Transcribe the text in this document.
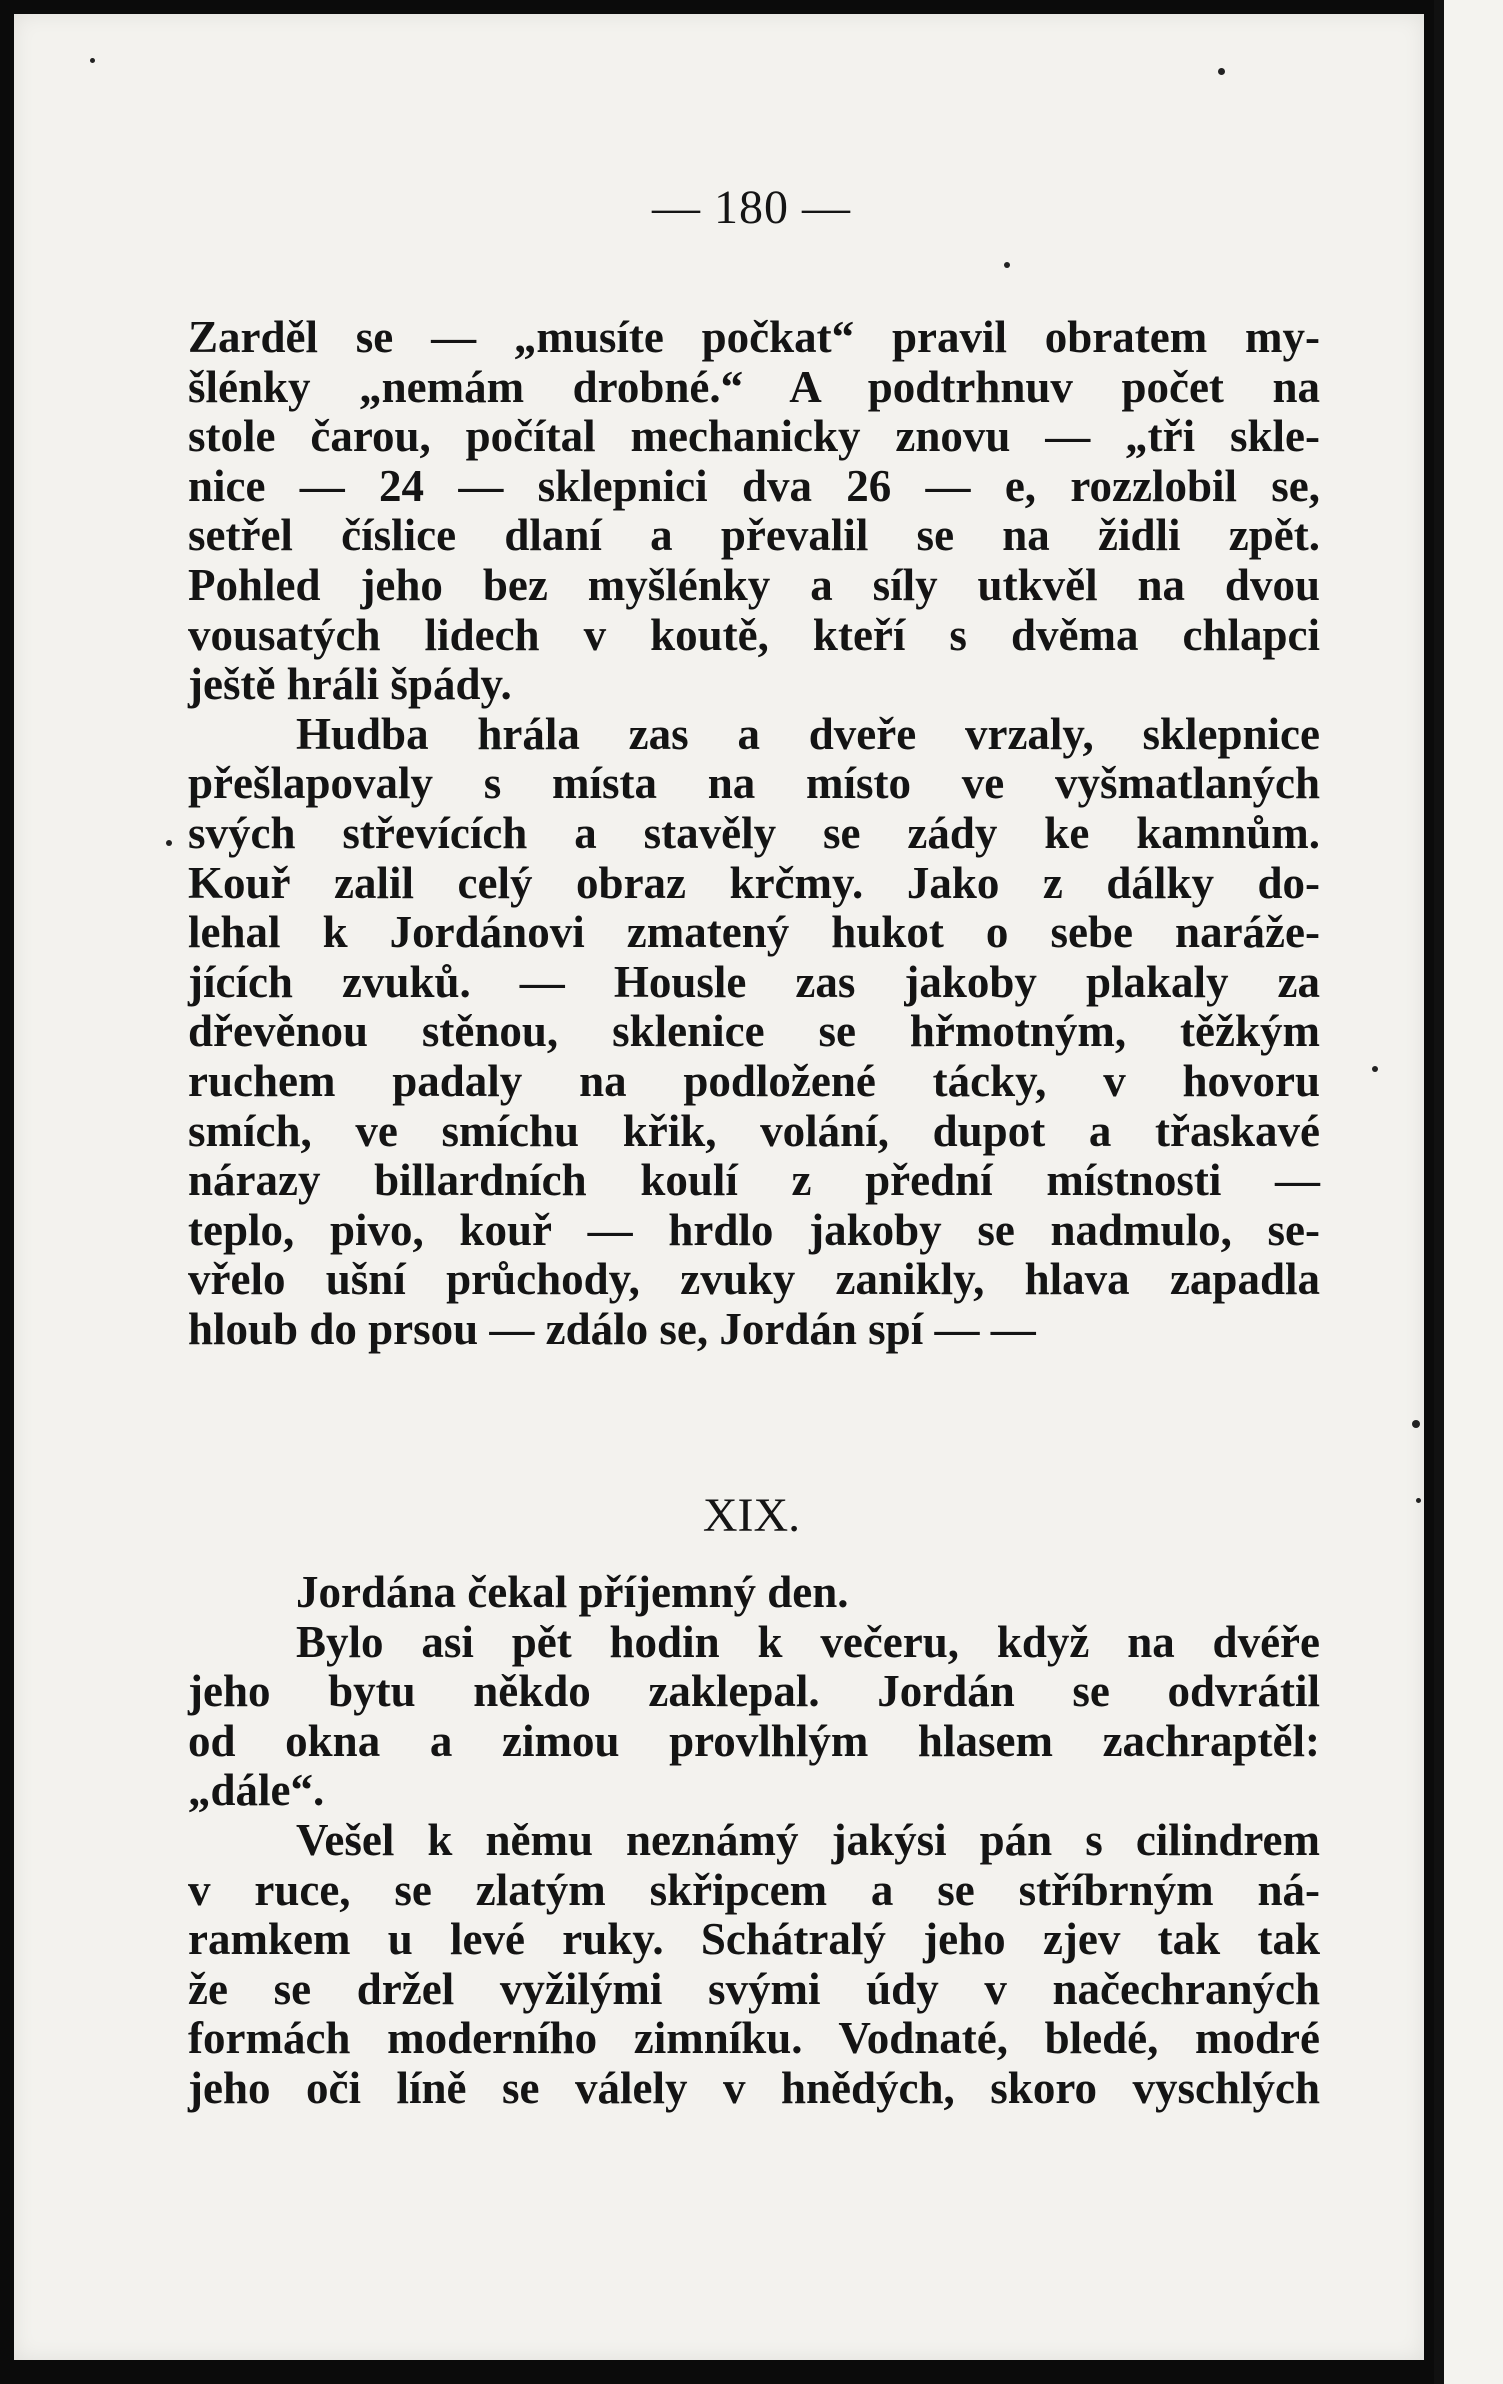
— 180 —
Zarděl se — „musíte počkat“ pravil obratem my-
šlénky „nemám drobné.“ A podtrhnuv počet na
stole čarou, počítal mechanicky znovu — „tři skle-
nice — 24 — sklepnici dva 26 — e, rozzlobil se,
setřel číslice dlaní a převalil se na židli zpět.
Pohled jeho bez myšlénky a síly utkvěl na dvou
vousatých lidech v koutě, kteří s dvěma chlapci
ještě hráli špády.
Hudba hrála zas a dveře vrzaly, sklepnice
přešlapovaly s místa na místo ve vyšmatlaných
svých střevících a stavěly se zády ke kamnům.
Kouř zalil celý obraz krčmy. Jako z dálky do-
lehal k Jordánovi zmatený hukot o sebe naráže-
jících zvuků. — Housle zas jakoby plakaly za
dřevěnou stěnou, sklenice se hřmotným, těžkým
ruchem padaly na podložené tácky, v hovoru
smích, ve smíchu křik, volání, dupot a třaskavé
nárazy billardních koulí z přední místnosti —
teplo, pivo, kouř — hrdlo jakoby se nadmulo, se-
vřelo ušní průchody, zvuky zanikly, hlava zapadla
hloub do prsou — zdálo se, Jordán spí — —
XIX.
Jordána čekal příjemný den.
Bylo asi pět hodin k večeru, když na dvéře
jeho bytu někdo zaklepal. Jordán se odvrátil
od okna a zimou provlhlým hlasem zachraptěl:
„dále“.
Vešel k němu neznámý jakýsi pán s cilindrem
v ruce, se zlatým skřipcem a se stříbrným ná-
ramkem u levé ruky. Schátralý jeho zjev tak tak
že se držel vyžilými svými údy v načechraných
formách moderního zimníku. Vodnaté, bledé, modré
jeho oči líně se válely v hnědých, skoro vyschlých
